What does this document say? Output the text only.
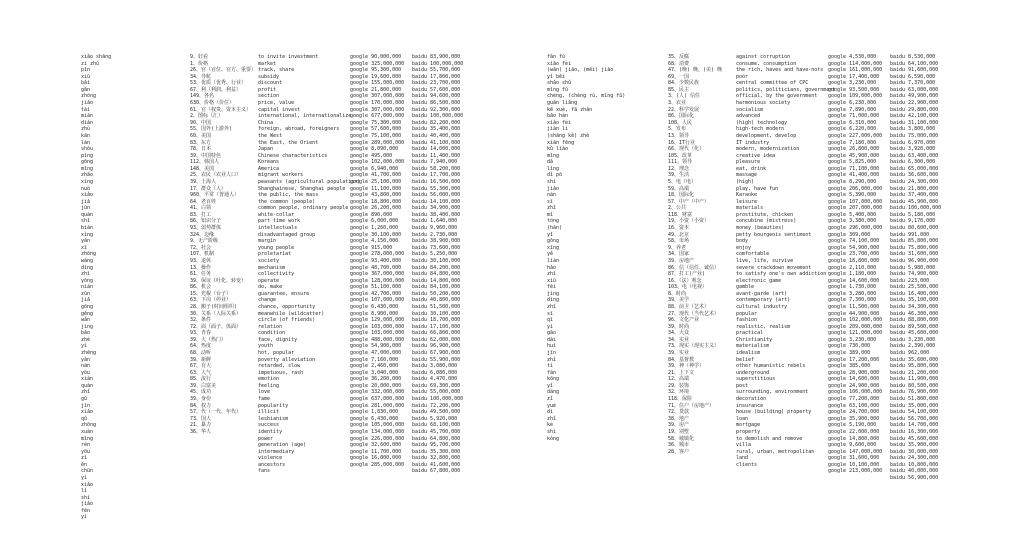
xiǎo shāng
zì zhǔ
pǐn
xiū
bǎi
gǎn
zhòng
jiǎo
tài
miàn
diǎn
zhù
kān
lán
shǒu
píng
gōng
mǐng
zhǎo
xìng
nuò
xiǎo
jiǎ
jūn
quán
shǐ
biàn
xìng
yǎn
xī
zhōng
wāng
dīng
zhī
yōng
nián
zūn
jiǎ
gōng
gěng
wǎn
jìng
bāo
zhé
yí
zhēng
yǎn
nán
yǒu
xiàn
quán
zhǐ
gǔ
jīn
xiǎo
qǔ
zhōng
xuàn
mǐng
rén
yōu
zǐ
ēn
chūn
yì
xiǎo
lǐ
shí
jiǎo
fēn
yì
9、好看
1、价格
26、官（官位、官方、重要）
34、导航
53、优质（优秀、行业）
67、利（利润、利益）
149、各名
630、价格（价位）
61、官（权贵、资本主义）
2、图标（汇）
90、中国
55、国外(上游外)
60、美国
83、东方
78、日本
39、中国特色
112、韩国人
148、美国
25、农民（农业人口）
39、上海人
17、群众（人）
960、平常（普通人）
64、老百姓
41、白领
83、打工
86、知识分子
93、弱势群体
324、边缘
9、无产阶级
72、社会
107、机制
93、退休
13、操作
61、任务
39、保证（吐化、转变）
86、机会
15、光棍（台子）
63、下岗（停业）
28、搬子(时间组织)
30、关系（人际关系）
32、条件
72、面（面子、体面）
93、青春
39、大（热门）
64、热度
68、动听
39、新鲜
67、有大
63、人气
85、流行
39、白富美
45、成功
39、身份
84、权力
57、代（一代、年代）
73、国人
21、暴力
36、华人
to invite investment
market
track, share
subsidy
discount
profit
section
price, value
capital invest
international, internationalize
China
foreign, abroad, foreigners
the West
the East, the Orient
Japan
Chinese characteristics
Koreans
America
migrant workers
peasants (agricultural population)
Shanghainese, Shanghai people
the public, the mass
the common (people)
common people, ordinary people
white-collar
part time work
intellectuals
disadvantaged group
margin
young people
proletariat
society
mechanism
collectivity
operate
do, make
guarantee, ensure
change
chance, opportunity
meanwhile (wildcatter)
circle (of friends)
relation
condition
face, dignity
youth
hot, popular
poverty alleviation
retarded, slow
impetuous, rash
emotion
feeling
love
fame
popularity
illicit
lesbianism
success
identity
power
generation (age)
intermediary
violence
ancestors
fans
google 90,000,000
google 325,000,000
google 95,300,000
google 19,600,000
google 155,000,000
google 21,800,000
google 307,000,000
google 170,000,000
google 307,000,000
google 677,000,000
google 75,300,000
google 57,600,000
google 75,100,000
google 289,000,000
google 8,090,000
google 495,000
google 102,000,000
google 6,940,000
google 41,700,000
google 25,100,000
google 11,100,000
google 43,800,000
google 18,800,000
google 26,200,000
google 890,000
google 6,000,000
google 1,260,000
google 30,100,000
google 4,150,000
google 915,000
google 278,000,000
google 93,400,000
google 48,700,000
google 367,000,000
google 128,000,000
google 51,100,000
google 42,700,000
google 107,000,000
google 6,430,000
google 8,900,000
google 129,000,000
google 103,000,000
google 103,000,000
google 488,000,000
google 54,900,000
google 47,000,000
google 7,160,000
google 2,460,000
google 3,040,000
google 36,200,000
google 20,000,000
google 332,000,000
google 637,000,000
google 281,000,000
google 1,830,000
google 6,430,000
google 105,000,000
google 134,000,000
google 226,000,000
google 32,600,000
google 11,700,000
google 16,000,000
google 285,000,000
baidu 83,900,000
baidu 100,000,000
baidu 55,700,000
baidu 17,800,000
baidu 23,700,000
baidu 57,600,000
baidu 94,600,000
baidu 86,500,000
baidu 92,300,000
baidu 100,000,000
baidu 82,200,000
baidu 35,400,000
baidu 40,400,000
baidu 41,100,000
baidu 14,000,000
baidu 11,400,000
baidu 7,940,000
baidu 58,200,000
baidu 17,700,000
baidu 16,500,000
baidu 55,300,000
baidu 56,000,000
baidu 14,100,000
baidu 34,900,000
baidu 38,400,000
baidu 1,640,000
baidu 9,960,000
baidu 2,730,000
baidu 38,900,000
baidu 73,600,000
baidu 5,250,000
baidu 30,100,000
baidu 84,200,000
baidu 84,800,000
baidu 14,800,000
baidu 84,100,000
baidu 50,200,000
baidu 40,800,000
baidu 51,500,000
baidu 30,100,000
baidu 18,700,000
baidu 17,100,000
baidu 66,800,000
baidu 62,000,000
baidu 96,900,000
baidu 67,900,000
baidu 55,900,000
baidu 3,080,000
baidu 6,080,000
baidu 4,470,000
baidu 69,300,000
baidu 55,000,000
baidu 100,000,000
baidu 72,200,000
baidu 49,500,000
baidu 5,920,000
baidu 68,100,000
baidu 45,700,000
baidu 64,800,000
baidu 95,700,000
baidu 35,300,000
baidu 32,800,000
baidu 41,600,000
baidu 67,800,000
fǎn fǔ
xiāo fèi
(wǎn) jiāo, (měi) jiāo
yǐ běi
shǎo shǔ
mǐng fǔ
chéng, (chéng rú, mǐng fǔ)
guān liǎng
kē xuè, fā zhǎn
bāo hàn
xiǎo fèi
jiàn lì
(shāng kě) zhè
xiān fēng
kǔ liào
mǐng
dǎ
lǐng
dǐ pō
shí
jiǎo
nán
sī
zhǐ
mǐ
tóng
(hàn)
yǐ
gōng
xīng
yě
lián
hǎo
zhī
xiū
fēi
jìng
dìng
zhǐ
sī
qī
yì
gāo
dài
huì
jīn
zhǐ
tí
fàn
kōng
yǐ
dàng
zǐ
yuè
dì
zhǐ
kè
shì
kǒng
35、反腐
68、消费
47、(晚) 晚、(美) 晚
69、一国
84、少数民族
85、民主
3、(人) 信任
3、农业
22、科学发展
86、国际化
108、人民
5、发布
13、领导
16、IT行业
66、现代（化）
105、改革
111、领导
12、理念
39、生活
5、电（电）
59、高端
18、国际化
57、中产（中产）
2、公共
118、财富
19、小资（小资）
16、资本
49、北京
58、市场
9、养老
34、国家
39、房地产
86、信（信任、诚信）
87、打工(产业)
16、（法）观念
103、电（电视）
8、时尚
39、美学
88、前卫（艺术）
27、现代（当代艺术）
96、文化产业
39、时尚
34、大众
34、实业
73、现实（现实主义）
39、实业
84、基督教
39、神（神学）
21、上下文
12、高端
29、装饰
32、环境
118、保险
71、住户（房地产）
72、贷款
38、地产
39、房产
19、别墅
58、城镇化
36、城市
28、客户
against corruption
consume, consumption
the rich, haves and have-nots
poor
central committee of CPC
politics, politicians, government
official, by the government
harmonious society
socialism
advanced
(high) technology
high-tech modern
development, develop
IT industry
modern, modernization
creative idea
pleasure
eat, drink
massage
(high)
play, have fun
Karaoke
leisure
materials
prostitute, chicken
concubine (mistress)
money (beauties)
petty bourgeois sentiment
body
enjoy
comfortable
live, life, survive
severe crackdown movement
to satisfy one's own addiction
electronic game
gamble
avant-garde (art)
contemporary (art)
cultural industry
popular
fashion
realistic, realism
practical
Christianity
materialism
idealism
belief
other humanistic rebels
underground
superstitious
post
surrounding, environment
decoration
insurance
house (building) property
loan
mortgage
property
to demolish and remove
villa
rural, urban, metropolitan
land
clients
google 4,530,000
google 114,000,000
google 161,000,000
google 17,400,000
google 3,230,000
google 93,500,000
google 109,000,000
google 6,230,000
google 7,890,000
google 71,000,000
google 6,310,000
google 6,220,000
google 227,000,000
google 7,180,000
google 26,800,000
google 45,900,000
google 5,825,000
google 71,100,000
google 41,400,000
google 8,290,000
google 206,000,000
google 5,390,000
google 107,000,000
google 207,000,000
google 5,400,000
google 3,380,000
google 296,000,000
google 309,000
google 74,100,000
google 54,900,000
google 23,700,000
google 18,800,000
google 2,110,000
google 1,180,000
google 14,600,000
google 1,730,000
google 3,280,000
google 7,300,000
google 11,500,000
google 44,900,000
google 102,000,000
google 209,000,000
google 121,000,000
google 3,230,000
google 730,000
google 389,000
google 17,200,000
google 385,000
google 28,900,000
google 14,600,000
google 24,900,000
google 106,000,000
google 77,200,000
google 63,100,000
google 24,700,000
google 35,900,000
google 5,190,000
google 22,000,000
google 14,800,000
google 9,600,000
google 147,000,000
google 31,600,000
google 10,100,000
google 213,000,000
baidu 8,530,000
baidu 64,100,000
baidu 91,600,000
baidu 6,590,000
baidu 7,370,000
baidu 63,000,000
baidu 49,900,000
baidu 22,900,000
baidu 29,800,000
baidu 42,100,000
baidu 31,100,000
baidu 3,800,000
baidu 75,000,000
baidu 6,970,000
baidu 3,920,000
baidu 63,400,000
baidu 6,300,000
baidu 65,000,000
baidu 36,600,000
baidu 24,300,000
baidu 21,800,000
baidu 37,400,000
baidu 45,900,000
baidu 100,000,000
baidu 5,180,000
baidu 9,170,000
baidu 80,600,000
baidu 991,000
baidu 85,800,000
baidu 75,800,000
baidu 31,600,000
baidu 96,900,000
baidu 5,980,000
baidu 74,900,000
baidu 223,000
baidu 25,500,000
baidu 16,400,000
baidu 35,100,000
baidu 34,300,000
baidu 46,300,000
baidu 88,800,000
baidu 89,500,000
baidu 45,600,000
baidu 3,230,000
baidu 2,390,000
baidu 962,000
baidu 35,600,000
baidu 95,800,000
baidu 21,200,000
baidu 11,900,000
baidu 80,500,000
baidu 76,900,000
baidu 51,800,000
baidu 35,000,000
baidu 54,100,000
baidu 56,700,000
baidu 14,700,000
baidu 16,300,000
baidu 45,600,000
baidu 35,900,000
baidu 30,000,000
baidu 24,300,000
baidu 10,800,000
baidu 40,000,000
baidu 56,900,000
